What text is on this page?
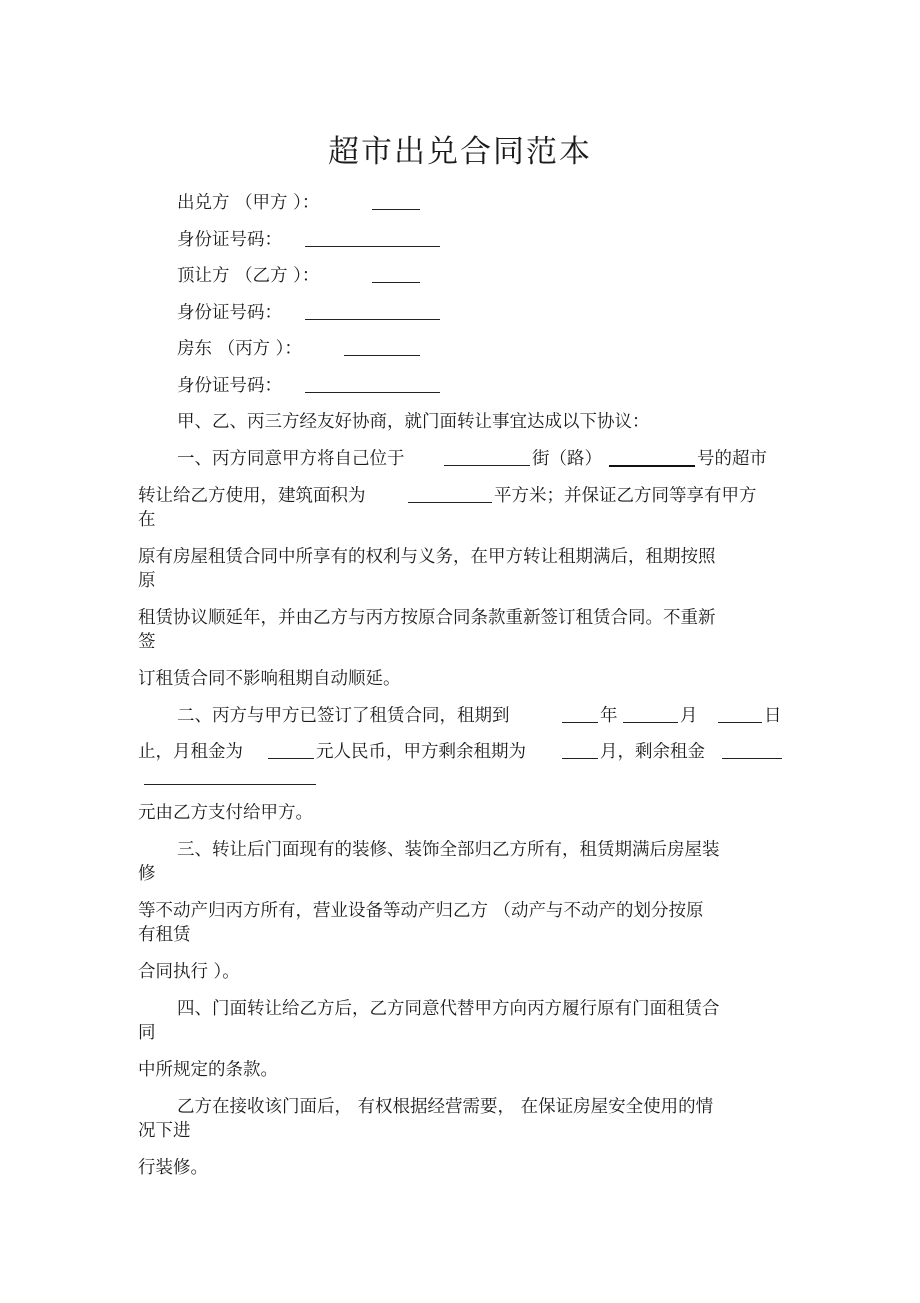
超市出兑合同范本
出兑方 （甲方 ）：
身份证号码：
顶让方 （乙方 ）：
身份证号码：
房东 （丙方 ）：
身份证号码：
甲、乙、丙三方经友好协商，就门面转让事宜达成以下协议：
一、丙方同意甲方将自己位于	街（路）	号的超市
转让给乙方使用，建筑面积为	平方米；并保证乙方同等享有甲方
在
原有房屋租赁合同中所享有的权利与义务，在甲方转让租期满后，租期按照
原
租赁协议顺延年，并由乙方与丙方按原合同条款重新签订租赁合同。不重新
签
订租赁合同不影响租期自动顺延。
二、丙方与甲方已签订了租赁合同，租期到	年	月	日
止，月租金为	元人民币，甲方剩余租期为	月，剩余租金
元由乙方支付给甲方。
三、转让后门面现有的装修、装饰全部归乙方所有，租赁期满后房屋装
修
等不动产归丙方所有，营业设备等动产归乙方 （动产与不动产的划分按原
有租赁
合同执行 ）。
四、门面转让给乙方后，乙方同意代替甲方向丙方履行原有门面租赁合
同
中所规定的条款。
乙方在接收该门面后， 有权根据经营需要， 在保证房屋安全使用的情
况下进
行装修。
